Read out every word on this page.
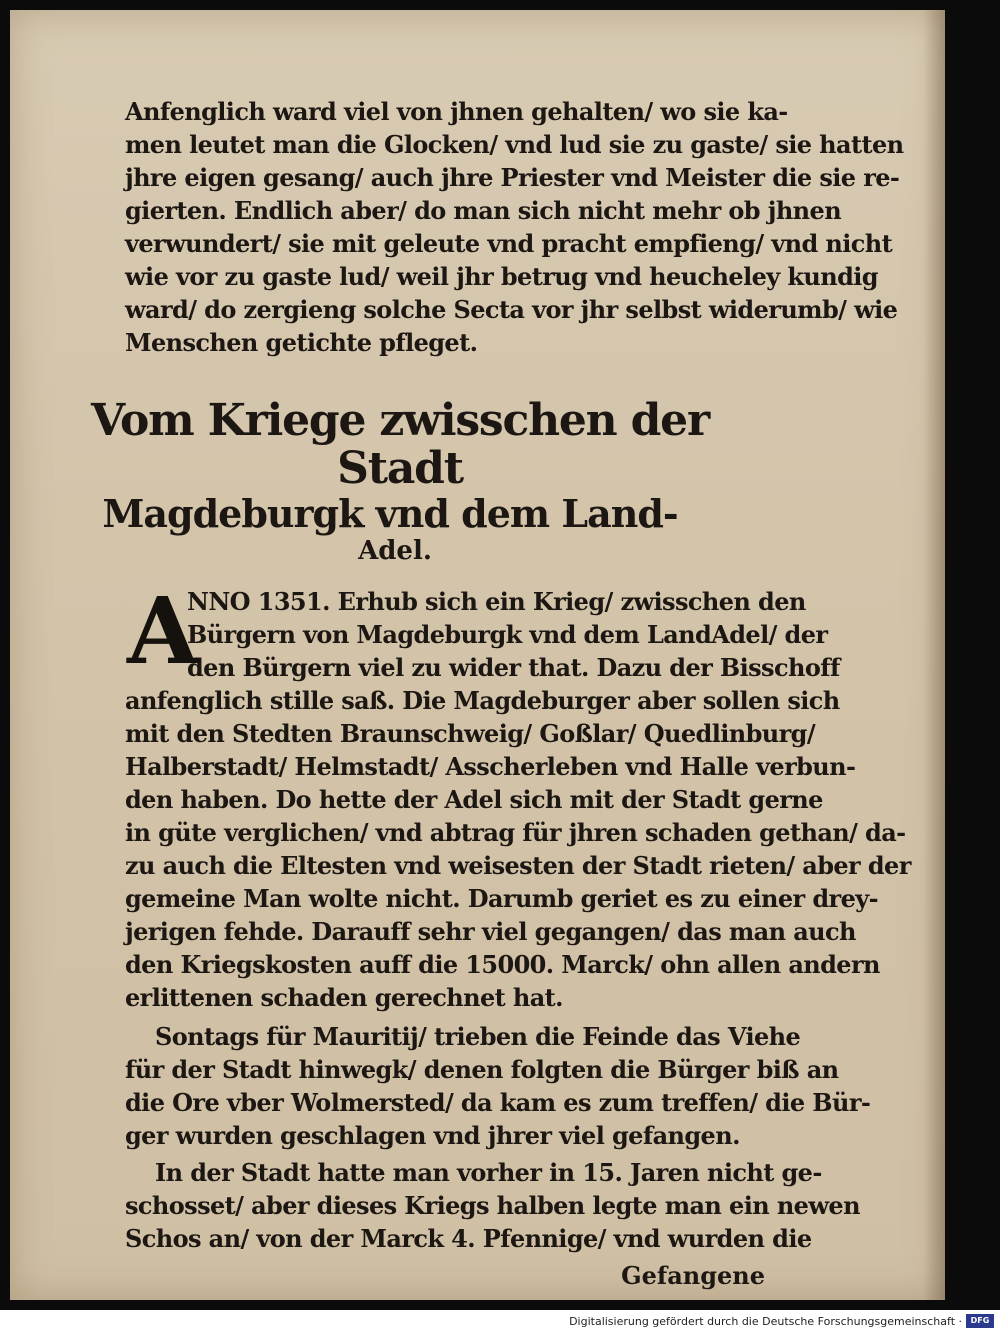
Anfenglich ward viel von jhnen gehalten/ wo sie ka-
men leutet man die Glocken/ vnd lud sie zu gaste/ sie hatten
jhre eigen gesang/ auch jhre Priester vnd Meister die sie re-
gierten. Endlich aber/ do man sich nicht mehr ob jhnen
verwundert/ sie mit geleute vnd pracht empfieng/ vnd nicht
wie vor zu gaste lud/ weil jhr betrug vnd heucheley kundig
ward/ do zergieng solche Secta vor jhr selbst widerumb/ wie
Menschen getichte pfleget.
Vom Kriege zwisschen der Stadt
Magdeburgk vnd dem Land-
Adel.
A
NNO 1351. Erhub sich ein Krieg/ zwisschen den
Bürgern von Magdeburgk vnd dem LandAdel/ der
den Bürgern viel zu wider that. Dazu der Bisschoff
anfenglich stille saß. Die Magdeburger aber sollen sich
mit den Stedten Braunschweig/ Goßlar/ Quedlinburg/
Halberstadt/ Helmstadt/ Asscherleben vnd Halle verbun-
den haben. Do hette der Adel sich mit der Stadt gerne
in güte verglichen/ vnd abtrag für jhren schaden gethan/ da-
zu auch die Eltesten vnd weisesten der Stadt rieten/ aber der
gemeine Man wolte nicht. Darumb geriet es zu einer drey-
jerigen fehde. Darauff sehr viel gegangen/ das man auch
den Kriegskosten auff die 15000. Marck/ ohn allen andern
erlittenen schaden gerechnet hat.
Sontags für Mauritij/ trieben die Feinde das Viehe
für der Stadt hinwegk/ denen folgten die Bürger biß an
die Ore vber Wolmersted/ da kam es zum treffen/ die Bür-
ger wurden geschlagen vnd jhrer viel gefangen.
In der Stadt hatte man vorher in 15. Jaren nicht ge-
schosset/ aber dieses Kriegs halben legte man ein newen
Schos an/ von der Marck 4. Pfennige/ vnd wurden die
Gefangene
Digitalisierung gefördert durch die Deutsche Forschungsgemeinschaft ·	DFG
